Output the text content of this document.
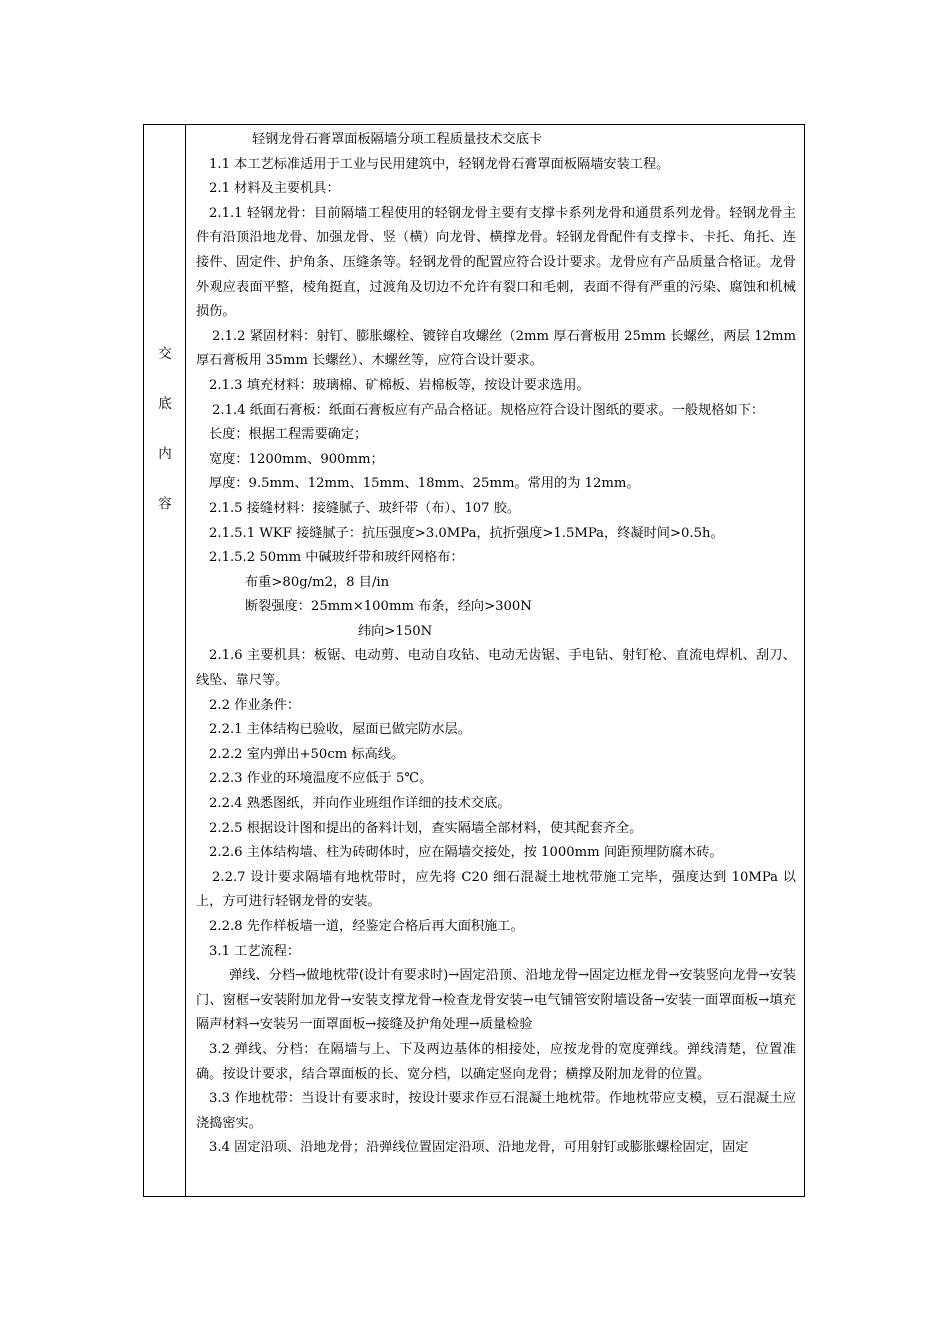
交
底
内
容

轻钢龙骨石膏罩面板隔墙分项工程质量技术交底卡

1.1 本工艺标准适用于工业与民用建筑中，轻钢龙骨石膏罩面板隔墙安装工程。

2.1 材料及主要机具：

2.1.1 轻钢龙骨：目前隔墙工程使用的轻钢龙骨主要有支撑卡系列龙骨和通贯系列龙骨。轻钢龙骨主件有沿顶沿地龙骨、加强龙骨、竖（横）向龙骨、横撑龙骨。轻钢龙骨配件有支撑卡、卡托、角托、连接件、固定件、护角条、压缝条等。轻钢龙骨的配置应符合设计要求。龙骨应有产品质量合格证。龙骨外观应表面平整，棱角挺直，过渡角及切边不允许有裂口和毛刺，表面不得有严重的污染、腐蚀和机械损伤。

2.1.2 紧固材料：射钉、膨胀螺栓、镀锌自攻螺丝（2mm 厚石膏板用 25mm 长螺丝，两层 12mm 厚石膏板用 35mm 长螺丝）、木螺丝等，应符合设计要求。

2.1.3 填充材料：玻璃棉、矿棉板、岩棉板等，按设计要求选用。

2.1.4 纸面石膏板：纸面石膏板应有产品合格证。规格应符合设计图纸的要求。一般规格如下：

长度：根据工程需要确定；

宽度：1200mm、900mm；

厚度：9.5mm、12mm、15mm、18mm、25mm。常用的为 12mm。

2.1.5 接缝材料：接缝腻子、玻纤带（布）、107 胶。

2.1.5.1 WKF 接缝腻子：抗压强度>3.0MPa，抗折强度>1.5MPa，终凝时间>0.5h。

2.1.5.2 50mm 中碱玻纤带和玻纤网格布：

布重>80g/m2，8 目/in

断裂强度：25mm×100mm 布条，经向>300N

纬向>150N

2.1.6 主要机具：板锯、电动剪、电动自攻钻、电动无齿锯、手电钻、射钉枪、直流电焊机、刮刀、线坠、靠尺等。

2.2 作业条件：

2.2.1 主体结构已验收，屋面已做完防水层。

2.2.2 室内弹出+50cm 标高线。

2.2.3 作业的环境温度不应低于 5℃。

2.2.4 熟悉图纸，并向作业班组作详细的技术交底。

2.2.5 根据设计图和提出的备料计划，查实隔墙全部材料，使其配套齐全。

2.2.6 主体结构墙、柱为砖砌体时，应在隔墙交接处，按 1000mm 间距预埋防腐木砖。

2.2.7 设计要求隔墙有地枕带时，应先将 C20 细石混凝土地枕带施工完毕，强度达到 10MPa 以上，方可进行轻钢龙骨的安装。

2.2.8 先作样板墙一道，经鉴定合格后再大面积施工。

3.1 工艺流程：

弹线、分档→做地枕带(设计有要求时)→固定沿顶、沿地龙骨→固定边框龙骨→安装竖向龙骨→安装门、窗框→安装附加龙骨→安装支撑龙骨→检查龙骨安装→电气铺管安附墙设备→安装一面罩面板→填充隔声材料→安装另一面罩面板→接缝及护角处理→质量检验

3.2 弹线、分档：在隔墙与上、下及两边基体的相接处，应按龙骨的宽度弹线。弹线清楚，位置准确。按设计要求，结合罩面板的长、宽分档，以确定竖向龙骨；横撑及附加龙骨的位置。

3.3 作地枕带：当设计有要求时，按设计要求作豆石混凝土地枕带。作地枕带应支模，豆石混凝土应浇捣密实。

3.4 固定沿项、沿地龙骨；沿弹线位置固定沿项、沿地龙骨，可用射钉或膨胀螺栓固定，固定
